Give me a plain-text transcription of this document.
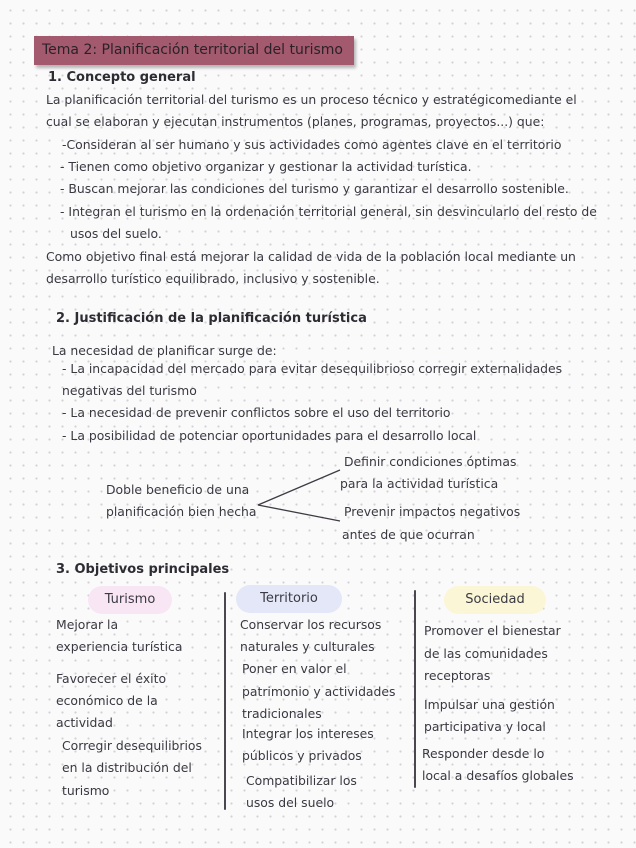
Tema 2: Planificación territorial del turismo
1. Concepto general
La planificación territorial del turismo es un proceso técnico y estratégicomediante el
cual se elaboran y ejecutan instrumentos (planes, programas, proyectos...) que:
-Consideran al ser humano y sus actividades como agentes clave en el territorio
- Tienen como objetivo organizar y gestionar la actividad turística.
- Buscan mejorar las condiciones del turismo y garantizar el desarrollo sostenible.
- Integran el turismo en la ordenación territorial general, sin desvincularlo del resto de
usos del suelo.
Como objetivo final está mejorar la calidad de vida de la población local mediante un
desarrollo turístico equilibrado, inclusivo y sostenible.
2. Justificación de la planificación turística
La necesidad de planificar surge de:
- La incapacidad del mercado para evitar desequilibrioso corregir externalidades
negativas del turismo
- La necesidad de prevenir conflictos sobre el uso del territorio
- La posibilidad de potenciar oportunidades para el desarrollo local
Doble beneficio de una
planificación bien hecha
Definir condiciones óptimas
para la actividad turística
Prevenir impactos negativos
antes de que ocurran
3. Objetivos principales
Turismo	Territorio	Sociedad
Mejorar la
experiencia turística
Favorecer el éxito
económico de la
actividad
Corregir desequilibrios
en la distribución del
turismo
Conservar los recursos
naturales y culturales
Poner en valor el
patrimonio y actividades
tradicionales
Integrar los intereses
públicos y privados
Compatibilizar los
usos del suelo
Promover el bienestar
de las comunidades
receptoras
Impulsar una gestión
participativa y local
Responder desde lo
local a desafíos globales
